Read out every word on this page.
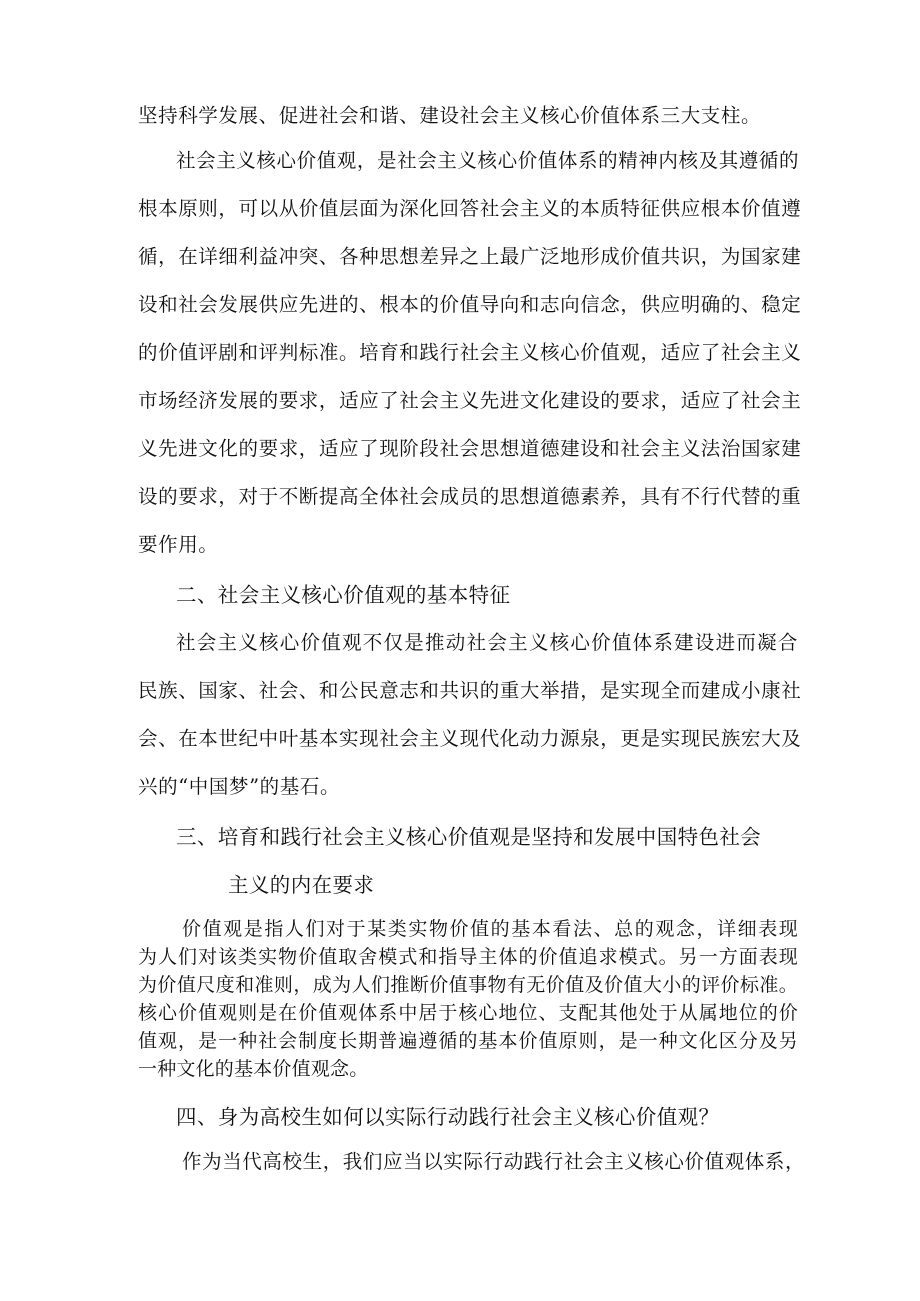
坚持科学发展、促进社会和谐、建设社会主义核心价值体系三大支柱。
社会主义核心价值观，是社会主义核心价值体系的精神内核及其遵循的
根本原则，可以从价值层面为深化回答社会主义的本质特征供应根本价值遵
循，在详细利益冲突、各种思想差异之上最广泛地形成价值共识，为国家建
设和社会发展供应先进的、根本的价值导向和志向信念，供应明确的、稳定
的价值评剧和评判标准。培育和践行社会主义核心价值观，适应了社会主义
市场经济发展的要求，适应了社会主义先进文化建设的要求，适应了社会主
义先进文化的要求，适应了现阶段社会思想道德建设和社会主义法治国家建
设的要求，对于不断提高全体社会成员的思想道德素养，具有不行代替的重
要作用。
二、社会主义核心价值观的基本特征
社会主义核心价值观不仅是推动社会主义核心价值体系建设进而凝合
民族、国家、社会、和公民意志和共识的重大举措，是实现全而建成小康社
会、在本世纪中叶基本实现社会主义现代化动力源泉，更是实现民族宏大及
兴的“中国梦”的基石。
三、培育和践行社会主义核心价值观是坚持和发展中国特色社会
主义的内在要求
价值观是指人们对于某类实物价值的基本看法、总的观念，详细表现
为人们对该类实物价值取舍模式和指导主体的价值追求模式。另一方面表现
为价值尺度和准则，成为人们推断价值事物有无价值及价值大小的评价标准。
核心价值观则是在价值观体系中居于核心地位、支配其他处于从属地位的价
值观，是一种社会制度长期普遍遵循的基本价值原则，是一种文化区分及另
一种文化的基本价值观念。
四、身为高校生如何以实际行动践行社会主义核心价值观？
作为当代高校生，我们应当以实际行动践行社会主义核心价值观体系，
